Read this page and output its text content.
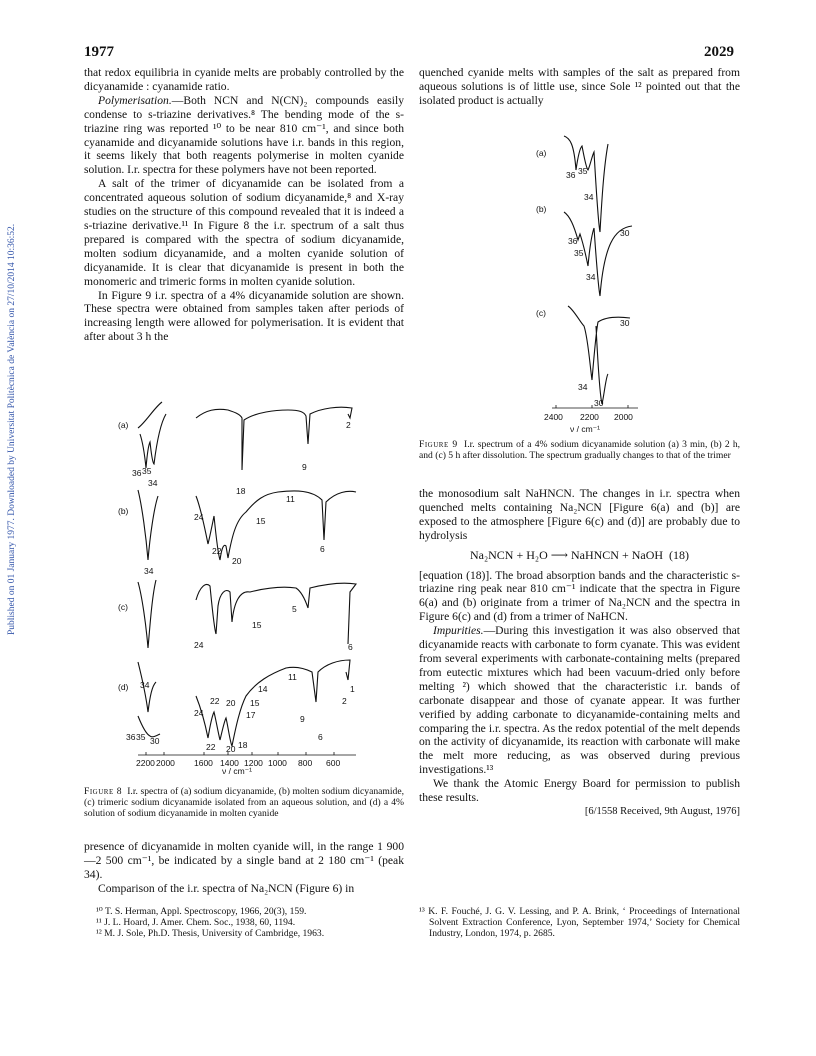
1977	2029
Published on 01 January 1977. Downloaded by Universitat Politècnica de València on 27/10/2014 10:36:52.

that redox equilibria in cyanide melts are probably controlled by the dicyanamide : cyanamide ratio.

Polymerisation.—Both NCN and N(CN)₂ compounds easily condense to s-triazine derivatives.⁸ The bending mode of the s-triazine ring was reported ¹⁰ to be near 810 cm⁻¹, and since both cyanamide and dicyanamide solutions have i.r. bands in this region, it seems likely that both reagents polymerise in molten cyanide solution. I.r. spectra for these polymers have not been reported.

A salt of the trimer of dicyanamide can be isolated from a concentrated aqueous solution of sodium dicyanamide,⁸ and X-ray studies on the structure of this compound revealed that it is indeed a s-triazine derivative.¹¹ In Figure 8 the i.r. spectrum of a salt thus prepared is compared with the spectra of sodium dicyanamide, molten sodium dicyanamide, and a molten cyanide solution of dicyanamide. It is clear that dicyanamide is present in both the monomeric and trimeric forms in molten cyanide solution.

In Figure 9 i.r. spectra of a 4% dicyanamide solution are shown. These spectra were obtained from samples taken after periods of increasing length were allowed for polymerisation. It is evident that after about 3 h the

(a)
(b)
(c)
(d)
36 35
34
18
11
9
2
24	15
34
22
20
6
24
15
5
6
34
36 35 30
11
14
22 20 15
17
24
9
2
1
6
22 20 18
2200 2000 1600 1400 1200 1000 800 600
ν / cm⁻¹
Figure 8 I.r. spectra of (a) sodium dicyanamide, (b) molten sodium dicyanamide, (c) trimeric sodium dicyanamide isolated from an aqueous solution, and (d) a 4% solution of sodium dicyanamide in molten cyanide

presence of dicyanamide in molten cyanide will, in the range 1 900—2 500 cm⁻¹, be indicated by a single band at 2 180 cm⁻¹ (peak 34).

Comparison of the i.r. spectra of Na₂NCN (Figure 6) in

¹⁰ T. S. Herman, Appl. Spectroscopy, 1966, 20(3), 159.
¹¹ J. L. Hoard, J. Amer. Chem. Soc., 1938, 60, 1194.
¹² M. J. Sole, Ph.D. Thesis, University of Cambridge, 1963.

quenched cyanide melts with samples of the salt as prepared from aqueous solutions is of little use, since Sole ¹² pointed out that the isolated product is actually

(a)
(b)
(c)
36 35
34
30
36
35
34
30
34
30
2400 2200 2000
ν / cm⁻¹
Figure 9 I.r. spectrum of a 4% sodium dicyanamide solution (a) 3 min, (b) 2 h, and (c) 5 h after dissolution. The spectrum gradually changes to that of the trimer

the monosodium salt NaHNCN. The changes in i.r. spectra when quenched melts containing Na₂NCN [Figure 6(a) and (b)] are exposed to the atmosphere [Figure 6(c) and (d)] are probably due to hydrolysis

Na₂NCN + H₂O ⟶ NaHNCN + NaOH (18)

[equation (18)]. The broad absorption bands and the characteristic s-triazine ring peak near 810 cm⁻¹ indicate that the spectra in Figure 6(a) and (b) originate from a trimer of Na₂NCN and the spectra in Figure 6(c) and (d) from a trimer of NaHCN.

Impurities.—During this investigation it was also observed that dicyanamide reacts with carbonate to form cyanate. This was evident from several experiments with carbonate-containing melts (prepared from eutectic mixtures which had been vacuum-dried only before melting ²) which showed that the characteristic i.r. bands of carbonate disappear and those of cyanate appear. It was further verified by adding carbonate to dicyanamide-containing melts and comparing the i.r. spectra. As the redox potential of the melt depends on the activity of dicyanamide, its reaction with carbonate will make the melt more reducing, as was observed during previous investigations.¹³

We thank the Atomic Energy Board for permission to publish these results.

[6/1558 Received, 9th August, 1976]

¹³ K. F. Fouché, J. G. V. Lessing, and P. A. Brink, ‘ Proceedings of International Solvent Extraction Conference, Lyon, September 1974,’ Society for Chemical Industry, London, 1974, p. 2685.
